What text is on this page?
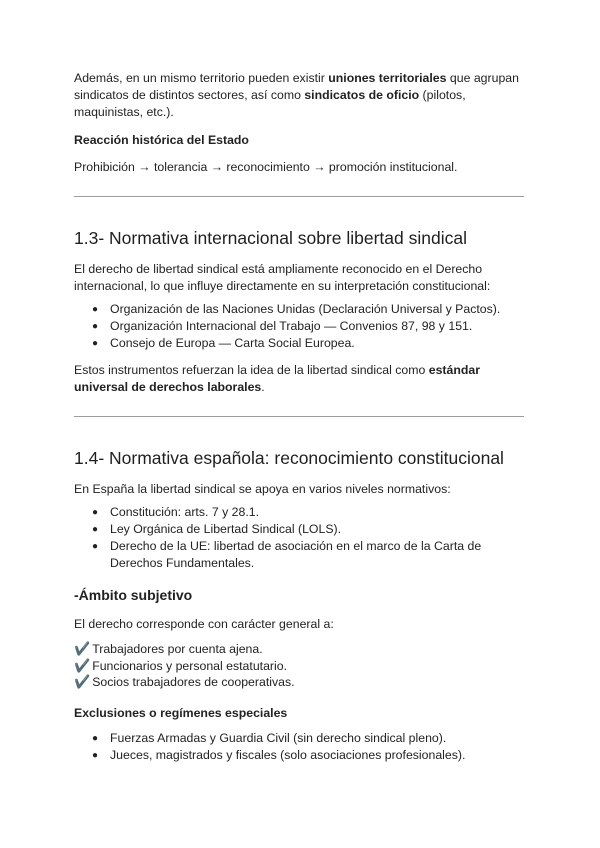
Además, en un mismo territorio pueden existir uniones territoriales que agrupan sindicatos de distintos sectores, así como sindicatos de oficio (pilotos, maquinistas, etc.).

Reacción histórica del Estado

Prohibición → tolerancia → reconocimiento → promoción institucional.

1.3- Normativa internacional sobre libertad sindical

El derecho de libertad sindical está ampliamente reconocido en el Derecho internacional, lo que influye directamente en su interpretación constitucional:

● Organización de las Naciones Unidas (Declaración Universal y Pactos).
● Organización Internacional del Trabajo — Convenios 87, 98 y 151.
● Consejo de Europa — Carta Social Europea.

Estos instrumentos refuerzan la idea de la libertad sindical como estándar universal de derechos laborales.

1.4- Normativa española: reconocimiento constitucional

En España la libertad sindical se apoya en varios niveles normativos:

● Constitución: arts. 7 y 28.1.
● Ley Orgánica de Libertad Sindical (LOLS).
● Derecho de la UE: libertad de asociación en el marco de la Carta de Derechos Fundamentales.
-Ámbito subjetivo

El derecho corresponde con carácter general a:

✔️ Trabajadores por cuenta ajena.
✔️ Funcionarios y personal estatutario.
✔️ Socios trabajadores de cooperativas.
Exclusiones o regímenes especiales
● Fuerzas Armadas y Guardia Civil (sin derecho sindical pleno).
● Jueces, magistrados y fiscales (solo asociaciones profesionales).
